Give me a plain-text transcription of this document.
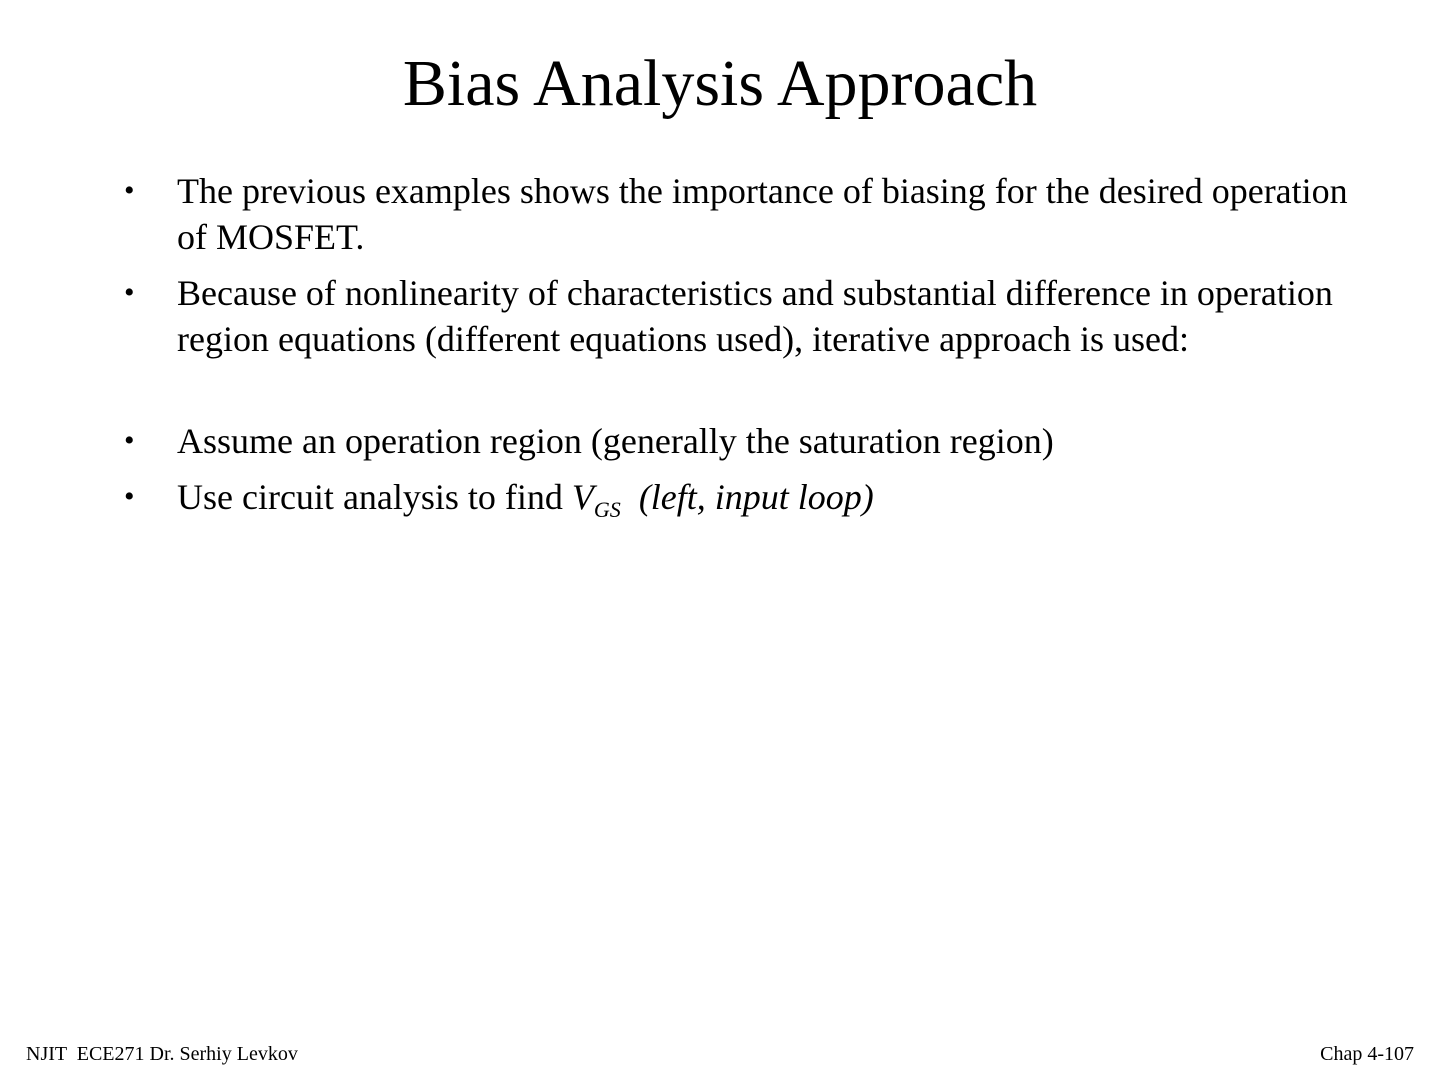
Bias Analysis Approach
• The previous examples shows the importance of biasing for the desired operation of MOSFET.
• Because of nonlinearity of characteristics and substantial difference in operation region equations (different equations used), iterative approach is used:
• Assume an operation region (generally the saturation region)
• Use circuit analysis to find $V_{GS}$ (left, input loop)
NJIT  ECE271 Dr. Serhiy Levkov	Chap 4-107
